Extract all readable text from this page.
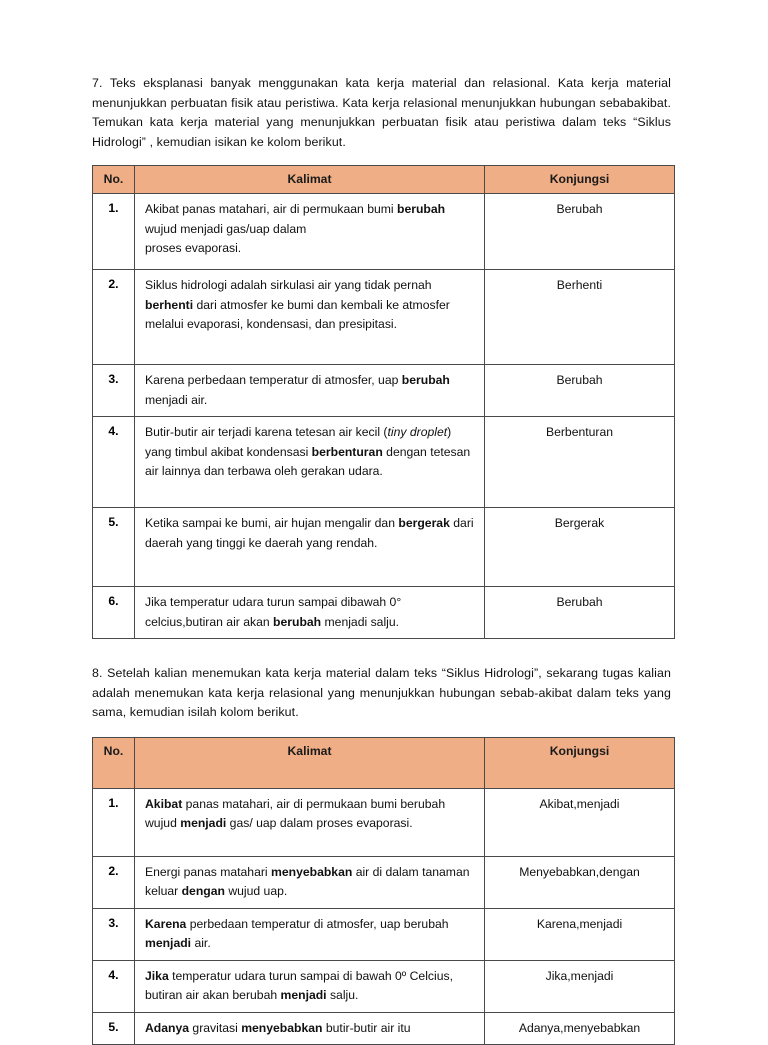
7. Teks eksplanasi banyak menggunakan kata kerja material dan relasional. Kata kerja material menunjukkan perbuatan fisik atau peristiwa. Kata kerja relasional menunjukkan hubungan sebabakibat. Temukan kata kerja material yang menunjukkan perbuatan fisik atau peristiwa dalam teks “Siklus Hidrologi” , kemudian isikan ke kolom berikut.

No.	Kalimat	Konjungsi

1.	Akibat panas matahari, air di permukaan bumi berubah wujud menjadi gas/uap dalam
proses evaporasi.	Berubah
2.	Siklus hidrologi adalah sirkulasi air yang tidak pernah berhenti dari atmosfer ke bumi dan kembali ke atmosfer melalui evaporasi, kondensasi, dan presipitasi.	Berhenti
3.	Karena perbedaan temperatur di atmosfer, uap berubah menjadi air.	Berubah
4.	Butir-butir air terjadi karena tetesan air kecil (tiny droplet) yang timbul akibat kondensasi berbenturan dengan tetesan air lainnya dan terbawa oleh gerakan udara.	Berbenturan
5.	Ketika sampai ke bumi, air hujan mengalir dan bergerak dari daerah yang tinggi ke daerah yang rendah.	Bergerak
6.	Jika temperatur udara turun sampai dibawah 0° celcius,butiran air akan berubah menjadi salju.	Berubah

8. Setelah kalian menemukan kata kerja material dalam teks “Siklus Hidrologi”, sekarang tugas kalian adalah menemukan kata kerja relasional yang menunjukkan hubungan sebab-akibat dalam teks yang sama, kemudian isilah kolom berikut.

No.	Kalimat	Konjungsi

1.	Akibat panas matahari, air di permukaan bumi berubah wujud menjadi gas/ uap dalam proses evaporasi.	Akibat,menjadi
2.	Energi panas matahari menyebabkan air di dalam tanaman keluar dengan wujud uap.	Menyebabkan,dengan
3.	Karena perbedaan temperatur di atmosfer, uap berubah menjadi air.	Karena,menjadi
4.	Jika temperatur udara turun sampai di bawah 0º Celcius, butiran air akan berubah menjadi salju.	Jika,menjadi
5.	Adanya gravitasi menyebabkan butir-butir air itu	Adanya,menyebabkan
